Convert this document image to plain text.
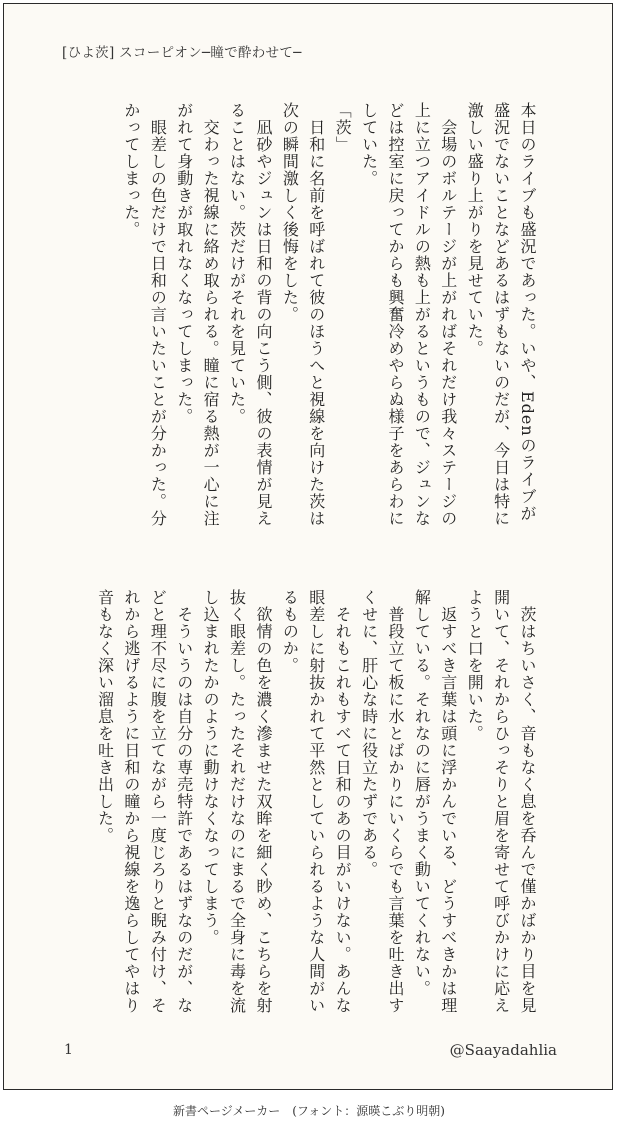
[ひよ茨] スコーピオン─瞳で酔わせて─

本日のライブも盛況であった。いや、Edenのライブが盛況でないことなどあるはずもないのだが、今日は特に激しい盛り上がりを見せていた。

　会場のボルテージが上がればそれだけ我々ステージの上に立つアイドルの熱も上がるというもので、ジュンなどは控室に戻ってからも興奮冷めやらぬ様子をあらわにしていた。

「茨」

　日和に名前を呼ばれて彼のほうへと視線を向けた茨は次の瞬間激しく後悔をした。

　凪砂やジュンは日和の背の向こう側、彼の表情が見えることはない。茨だけがそれを見ていた。

　交わった視線に絡め取られる。瞳に宿る熱が一心に注がれて身動きが取れなくなってしまった。

　眼差しの色だけで日和の言いたいことが分かった。分かってしまった。

　茨はちいさく、音もなく息を呑んで僅かばかり目を見開いて、それからひっそりと眉を寄せて呼びかけに応えようと口を開いた。

　返すべき言葉は頭に浮かんでいる、どうすべきかは理解している。それなのに唇がうまく動いてくれない。

　普段立て板に水とばかりにいくらでも言葉を吐き出すくせに、肝心な時に役立たずである。

　それもこれもすべて日和のあの目がいけない。あんな眼差しに射抜かれて平然としていられるような人間がいるものか。

　欲情の色を濃く滲ませた双眸を細く眇め、こちらを射抜く眼差し。たったそれだけなのにまるで全身に毒を流し込まれたかのように動けなくなってしまう。

　そういうのは自分の専売特許であるはずなのだが、などと理不尽に腹を立てながら一度じろりと睨み付け、それから逃げるように日和の瞳から視線を逸らしてやはり音もなく深い溜息を吐き出した。

1	@Saayadahlia
新書ページメーカー　(フォント：源暎こぶり明朝)
